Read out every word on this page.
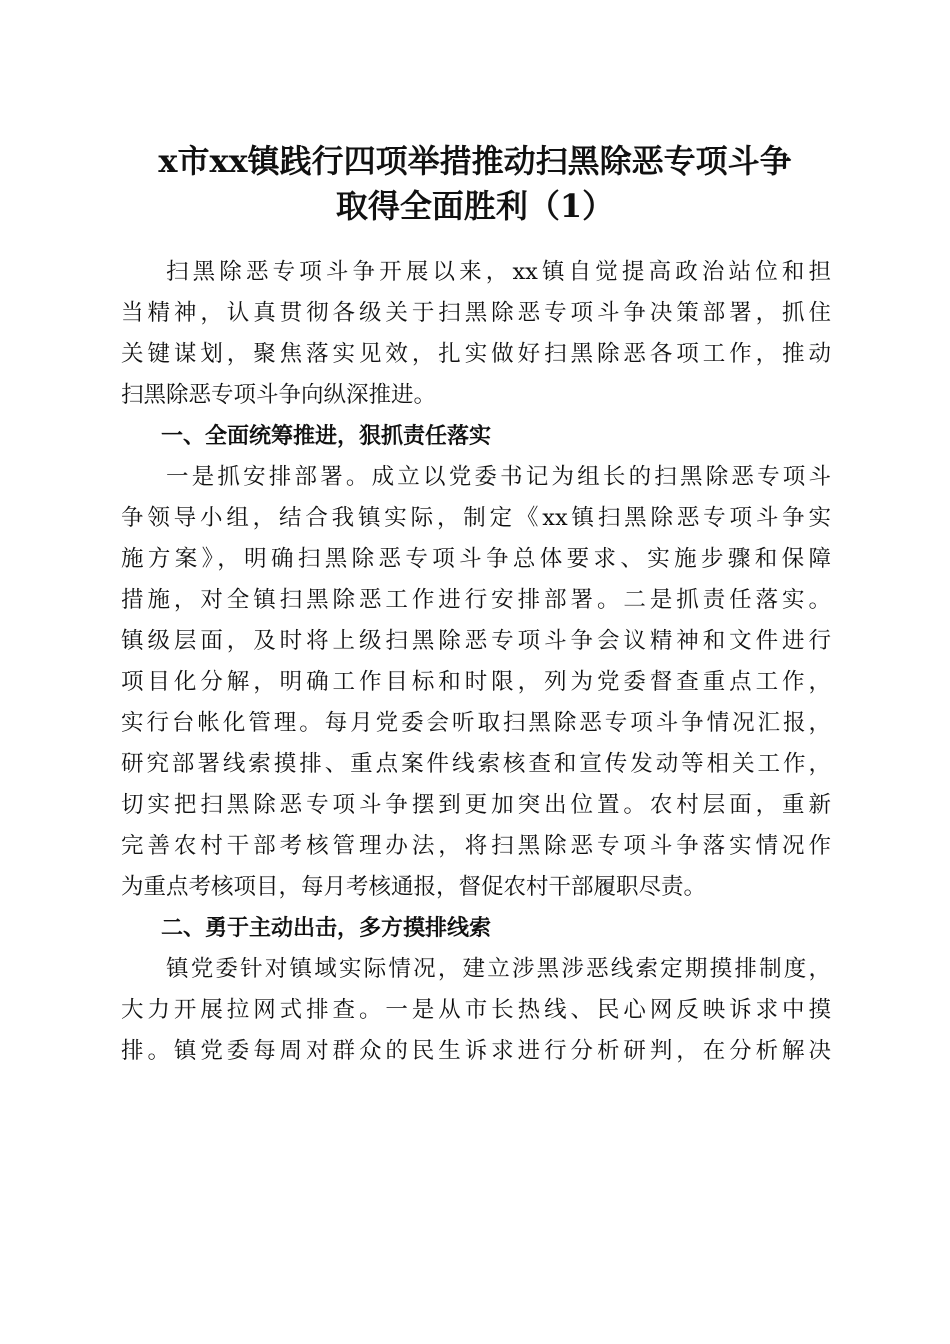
x市xx镇践行四项举措推动扫黑除恶专项斗争
取得全面胜利（1）
扫黑除恶专项斗争开展以来，xx镇自觉提高政治站位和担
当精神，认真贯彻各级关于扫黑除恶专项斗争决策部署，抓住
关键谋划，聚焦落实见效，扎实做好扫黑除恶各项工作，推动
扫黑除恶专项斗争向纵深推进。
一、全面统筹推进，狠抓责任落实
一是抓安排部署。成立以党委书记为组长的扫黑除恶专项斗
争领导小组，结合我镇实际，制定《xx镇扫黑除恶专项斗争实
施方案》，明确扫黑除恶专项斗争总体要求、实施步骤和保障
措施，对全镇扫黑除恶工作进行安排部署。二是抓责任落实。
镇级层面，及时将上级扫黑除恶专项斗争会议精神和文件进行
项目化分解，明确工作目标和时限，列为党委督查重点工作，
实行台帐化管理。每月党委会听取扫黑除恶专项斗争情况汇报，
研究部署线索摸排、重点案件线索核查和宣传发动等相关工作，
切实把扫黑除恶专项斗争摆到更加突出位置。农村层面，重新
完善农村干部考核管理办法，将扫黑除恶专项斗争落实情况作
为重点考核项目，每月考核通报，督促农村干部履职尽责。
二、勇于主动出击，多方摸排线索
镇党委针对镇域实际情况，建立涉黑涉恶线索定期摸排制度，
大力开展拉网式排查。一是从市长热线、民心网反映诉求中摸
排。镇党委每周对群众的民生诉求进行分析研判，在分析解决
